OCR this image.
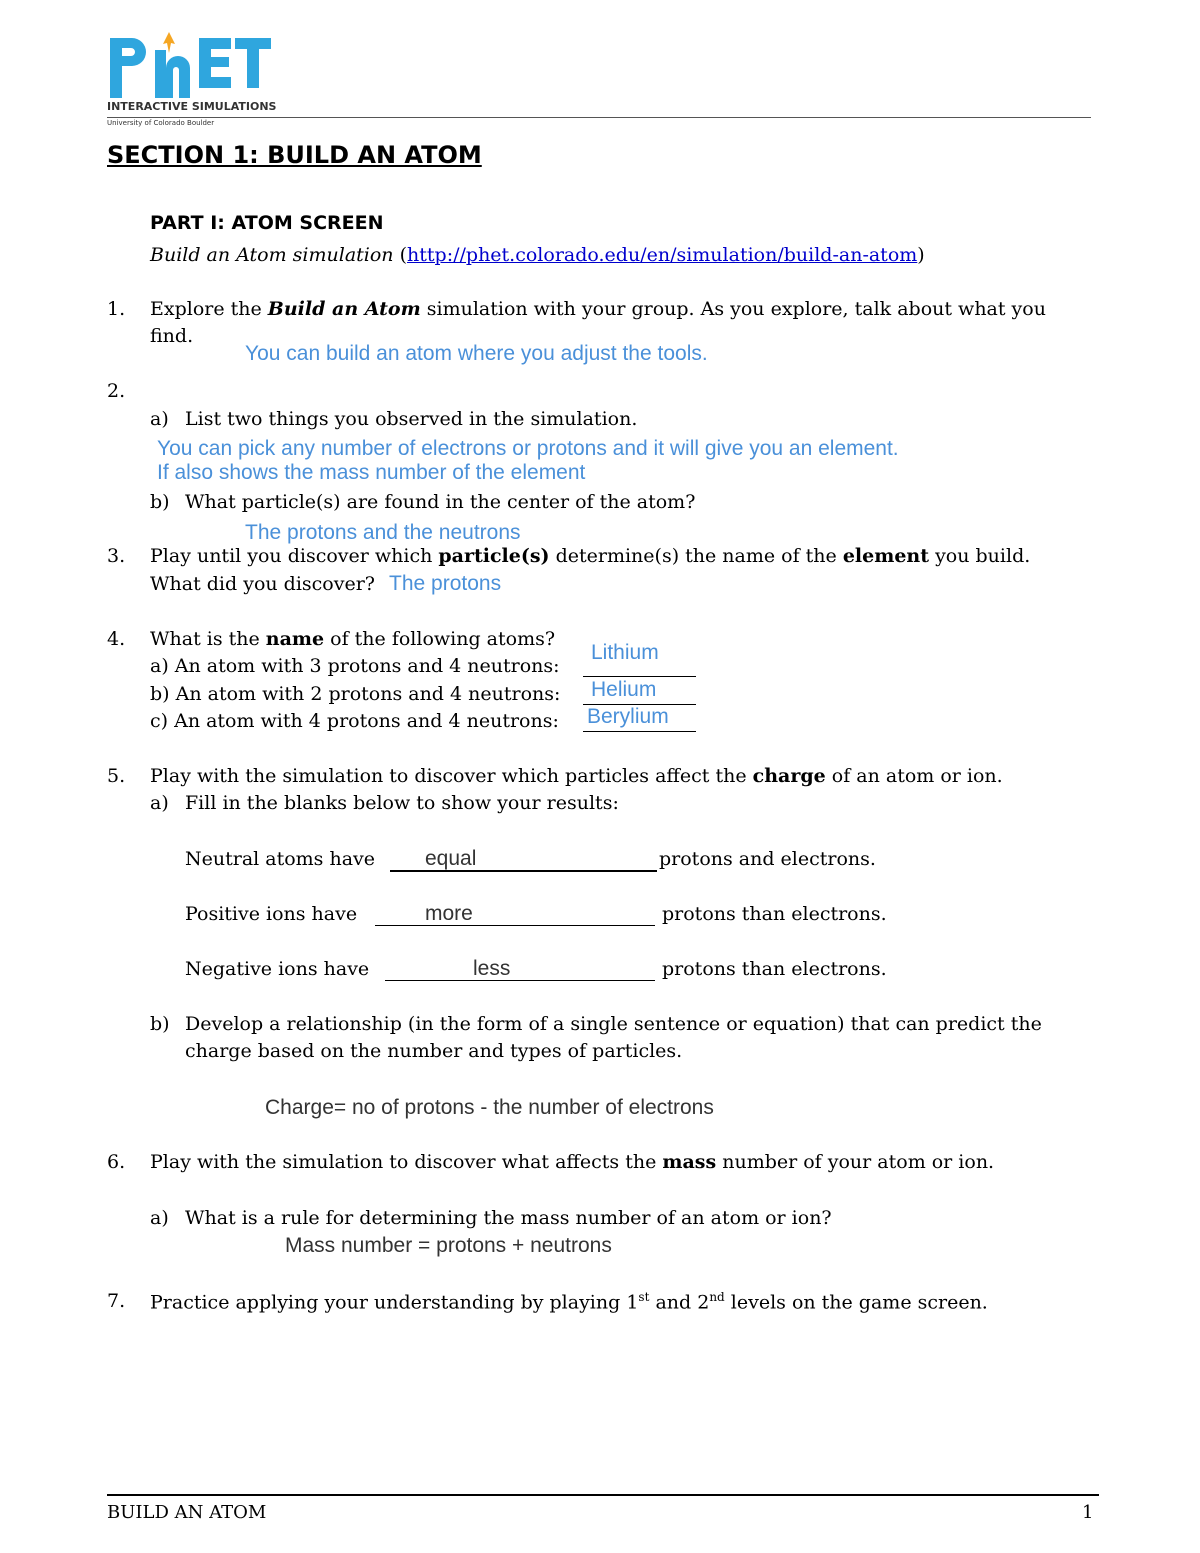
INTERACTIVE SIMULATIONS
University of Colorado Boulder
SECTION 1: BUILD AN ATOM
PART I: ATOM SCREEN
Build an Atom simulation (http://phet.colorado.edu/en/simulation/build-an-atom)
1. Explore the Build an Atom simulation with your group. As you explore, talk about what you
find.
You can build an atom where you adjust the tools.
2.
a) List two things you observed in the simulation.
You can pick any number of electrons or protons and it will give you an element.
If also shows the mass number of the element
b) What particle(s) are found in the center of the atom?
The protons and the neutrons
3. Play until you discover which particle(s) determine(s) the name of the element you build.
What did you discover? The protons
4. What is the name of the following atoms?
a) An atom with 3 protons and 4 neutrons:
Lithium
b) An atom with 2 protons and 4 neutrons: Helium
c) An atom with 4 protons and 4 neutrons: Berylium
5. Play with the simulation to discover which particles affect the charge of an atom or ion.
a) Fill in the blanks below to show your results:
Neutral atoms have equal	protons and electrons.
Positive ions have	more	protons than electrons.
Negative ions have	less	protons than electrons.
b) Develop a relationship (in the form of a single sentence or equation) that can predict the
charge based on the number and types of particles.
Charge= no of protons - the number of electrons
6. Play with the simulation to discover what affects the mass number of your atom or ion.
a) What is a rule for determining the mass number of an atom or ion?
Mass number = protons + neutrons
7. Practice applying your understanding by playing 1st and 2nd levels on the game screen.
BUILD AN ATOM	1
